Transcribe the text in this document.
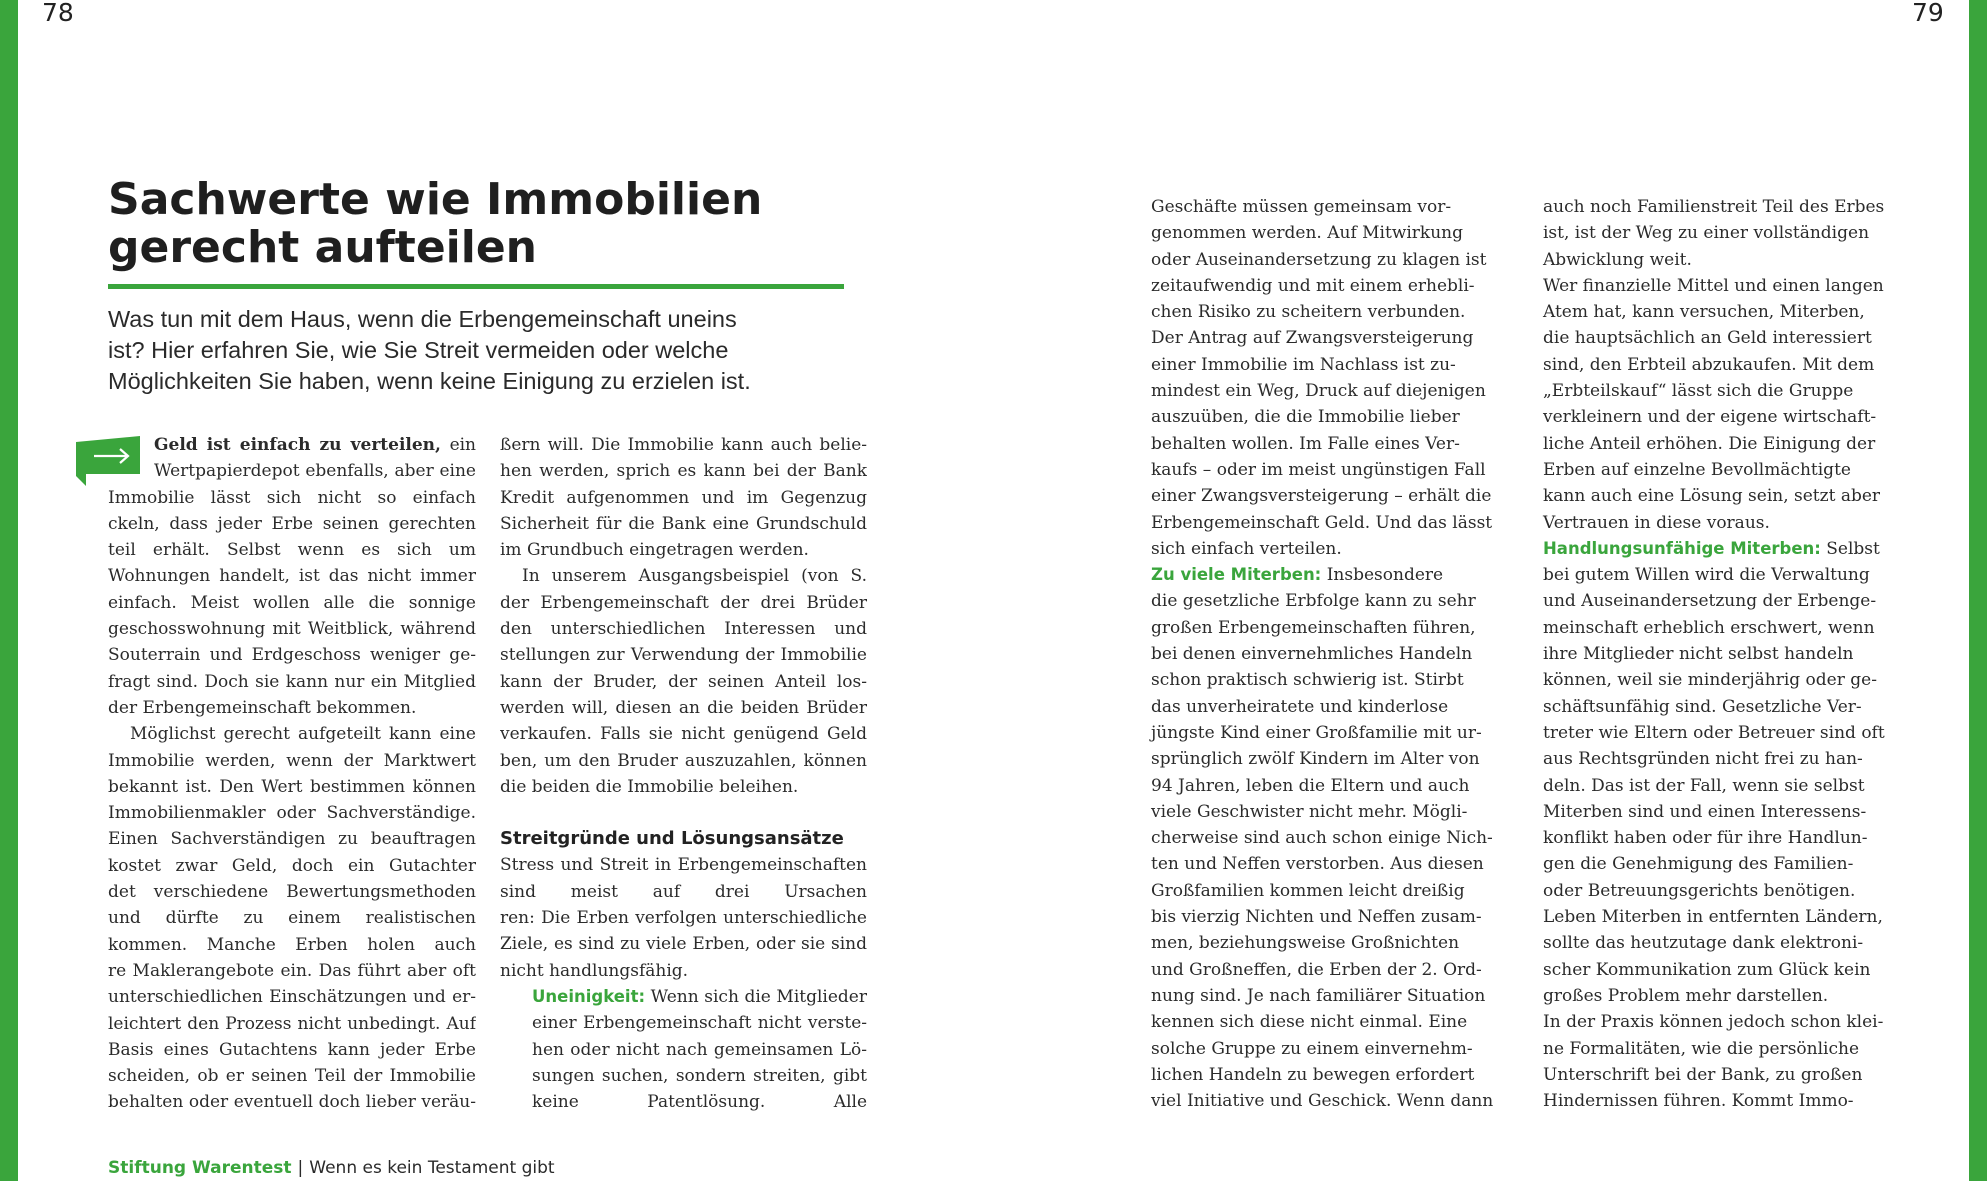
78	79
Sachwerte wie Immobilien
gerecht aufteilen

Was tun mit dem Haus, wenn die Erbengemeinschaft uneins
ist? Hier erfahren Sie, wie Sie Streit vermeiden oder welche
Möglichkeiten Sie haben, wenn keine Einigung zu erzielen ist.

Geld ist einfach zu verteilen, ein
Wertpapierdepot ebenfalls, aber eine
Immobilie lässt sich nicht so einfach
ckeln, dass jeder Erbe seinen gerechten
teil erhält. Selbst wenn es sich um
Wohnungen handelt, ist das nicht immer
einfach. Meist wollen alle die sonnige
geschosswohnung mit Weitblick, während
Souterrain und Erdgeschoss weniger ge-
fragt sind. Doch sie kann nur ein Mitglied
der Erbengemeinschaft bekommen.
Möglichst gerecht aufgeteilt kann eine
Immobilie werden, wenn der Marktwert
bekannt ist. Den Wert bestimmen können
Immobilienmakler oder Sachverständige.
Einen Sachverständigen zu beauftragen
kostet zwar Geld, doch ein Gutachter
det verschiedene Bewertungsmethoden
und dürfte zu einem realistischen
kommen. Manche Erben holen auch
re Maklerangebote ein. Das führt aber oft
unterschiedlichen Einschätzungen und er-
leichtert den Prozess nicht unbedingt. Auf
Basis eines Gutachtens kann jeder Erbe
scheiden, ob er seinen Teil der Immobilie
behalten oder eventuell doch lieber veräu-
ßern will. Die Immobilie kann auch belie-
hen werden, sprich es kann bei der Bank
Kredit aufgenommen und im Gegenzug
Sicherheit für die Bank eine Grundschuld
im Grundbuch eingetragen werden.
In unserem Ausgangsbeispiel (von S.
der Erbengemeinschaft der drei Brüder
den unterschiedlichen Interessen und
stellungen zur Verwendung der Immobilie
kann der Bruder, der seinen Anteil los-
werden will, diesen an die beiden Brüder
verkaufen. Falls sie nicht genügend Geld
ben, um den Bruder auszuzahlen, können
die beiden die Immobilie beleihen.
Streitgründe und Lösungsansätze
Stress und Streit in Erbengemeinschaften
sind meist auf drei Ursachen
ren: Die Erben verfolgen unterschiedliche
Ziele, es sind zu viele Erben, oder sie sind
nicht handlungsfähig.
Uneinigkeit: Wenn sich die Mitglieder
einer Erbengemeinschaft nicht verste-
hen oder nicht nach gemeinsamen Lö-
sungen suchen, sondern streiten, gibt
keine Patentlösung. Alle
Geschäfte müssen gemeinsam vor-
genommen werden. Auf Mitwirkung
oder Auseinandersetzung zu klagen ist
zeitaufwendig und mit einem erhebli-
chen Risiko zu scheitern verbunden.
Der Antrag auf Zwangsversteigerung
einer Immobilie im Nachlass ist zu-
mindest ein Weg, Druck auf diejenigen
auszuüben, die die Immobilie lieber
behalten wollen. Im Falle eines Ver-
kaufs – oder im meist ungünstigen Fall
einer Zwangsversteigerung – erhält die
Erbengemeinschaft Geld. Und das lässt
sich einfach verteilen.
Zu viele Miterben: Insbesondere
die gesetzliche Erbfolge kann zu sehr
großen Erbengemeinschaften führen,
bei denen einvernehmliches Handeln
schon praktisch schwierig ist. Stirbt
das unverheiratete und kinderlose
jüngste Kind einer Großfamilie mit ur-
sprünglich zwölf Kindern im Alter von
94 Jahren, leben die Eltern und auch
viele Geschwister nicht mehr. Mögli-
cherweise sind auch schon einige Nich-
ten und Neffen verstorben. Aus diesen
Großfamilien kommen leicht dreißig
bis vierzig Nichten und Neffen zusam-
men, beziehungsweise Großnichten
und Großneffen, die Erben der 2. Ord-
nung sind. Je nach familiärer Situation
kennen sich diese nicht einmal. Eine
solche Gruppe zu einem einvernehm-
lichen Handeln zu bewegen erfordert
viel Initiative und Geschick. Wenn dann
auch noch Familienstreit Teil des Erbes
ist, ist der Weg zu einer vollständigen
Abwicklung weit.
Wer finanzielle Mittel und einen langen
Atem hat, kann versuchen, Miterben,
die hauptsächlich an Geld interessiert
sind, den Erbteil abzukaufen. Mit dem
„Erbteilskauf“ lässt sich die Gruppe
verkleinern und der eigene wirtschaft-
liche Anteil erhöhen. Die Einigung der
Erben auf einzelne Bevollmächtigte
kann auch eine Lösung sein, setzt aber
Vertrauen in diese voraus.
Handlungsunfähige Miterben: Selbst
bei gutem Willen wird die Verwaltung
und Auseinandersetzung der Erbenge-
meinschaft erheblich erschwert, wenn
ihre Mitglieder nicht selbst handeln
können, weil sie minderjährig oder ge-
schäftsunfähig sind. Gesetzliche Ver-
treter wie Eltern oder Betreuer sind oft
aus Rechtsgründen nicht frei zu han-
deln. Das ist der Fall, wenn sie selbst
Miterben sind und einen Interessens-
konflikt haben oder für ihre Handlun-
gen die Genehmigung des Familien-
oder Betreuungsgerichts benötigen.
Leben Miterben in entfernten Ländern,
sollte das heutzutage dank elektroni-
scher Kommunikation zum Glück kein
großes Problem mehr darstellen.
In der Praxis können jedoch schon klei-
ne Formalitäten, wie die persönliche
Unterschrift bei der Bank, zu großen
Hindernissen führen. Kommt Immo-
Stiftung Warentest | Wenn es kein Testament gibt
